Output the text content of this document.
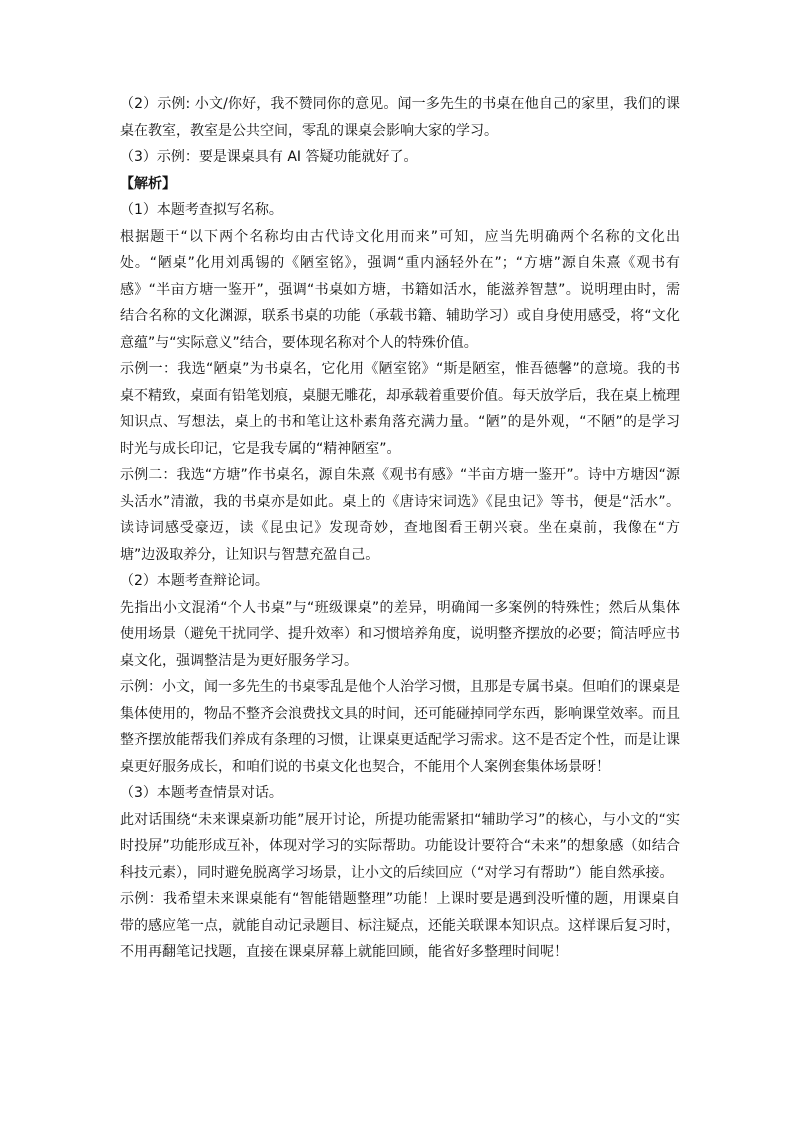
（2）示例: 小文/你好，我不赞同你的意见。闻一多先生的书桌在他自己的家里，我们的课桌在教室，教室是公共空间，零乱的课桌会影响大家的学习。

（3）示例：要是课桌具有 AI 答疑功能就好了。

【解析】

（1）本题考查拟写名称。

根据题干“以下两个名称均由古代诗文化用而来”可知，应当先明确两个名称的文化出处。“陋桌”化用刘禹锡的《陋室铭》，强调“重内涵轻外在”；“方塘”源自朱熹《观书有感》“半亩方塘一鉴开”，强调“书桌如方塘，书籍如活水，能滋养智慧”。说明理由时，需结合名称的文化渊源，联系书桌的功能（承载书籍、辅助学习）或自身使用感受，将“文化意蕴”与“实际意义”结合，要体现名称对个人的特殊价值。

示例一：我选“陋桌”为书桌名，它化用《陋室铭》“斯是陋室，惟吾德馨”的意境。我的书桌不精致，桌面有铅笔划痕，桌腿无雕花，却承载着重要价值。每天放学后，我在桌上梳理知识点、写想法，桌上的书和笔让这朴素角落充满力量。“陋”的是外观，“不陋”的是学习时光与成长印记，它是我专属的“精神陋室”。

示例二：我选“方塘”作书桌名，源自朱熹《观书有感》“半亩方塘一鉴开”。诗中方塘因“源头活水”清澈，我的书桌亦是如此。桌上的《唐诗宋词选》《昆虫记》等书，便是“活水”。读诗词感受豪迈，读《昆虫记》发现奇妙，查地图看王朝兴衰。坐在桌前，我像在“方塘”边汲取养分，让知识与智慧充盈自己。

（2）本题考查辩论词。

先指出小文混淆“个人书桌”与“班级课桌”的差异，明确闻一多案例的特殊性；然后从集体使用场景（避免干扰同学、提升效率）和习惯培养角度，说明整齐摆放的必要；简洁呼应书桌文化，强调整洁是为更好服务学习。

示例：小文，闻一多先生的书桌零乱是他个人治学习惯，且那是专属书桌。但咱们的课桌是集体使用的，物品不整齐会浪费找文具的时间，还可能碰掉同学东西，影响课堂效率。而且整齐摆放能帮我们养成有条理的习惯，让课桌更适配学习需求。这不是否定个性，而是让课桌更好服务成长，和咱们说的书桌文化也契合，不能用个人案例套集体场景呀！

（3）本题考查情景对话。

此对话围绕“未来课桌新功能”展开讨论，所提功能需紧扣“辅助学习”的核心，与小文的“实时投屏”功能形成互补，体现对学习的实际帮助。功能设计要符合“未来”的想象感（如结合科技元素），同时避免脱离学习场景，让小文的后续回应（“对学习有帮助”）能自然承接。

示例：我希望未来课桌能有“智能错题整理”功能！上课时要是遇到没听懂的题，用课桌自带的感应笔一点，就能自动记录题目、标注疑点，还能关联课本知识点。这样课后复习时，不用再翻笔记找题，直接在课桌屏幕上就能回顾，能省好多整理时间呢！
